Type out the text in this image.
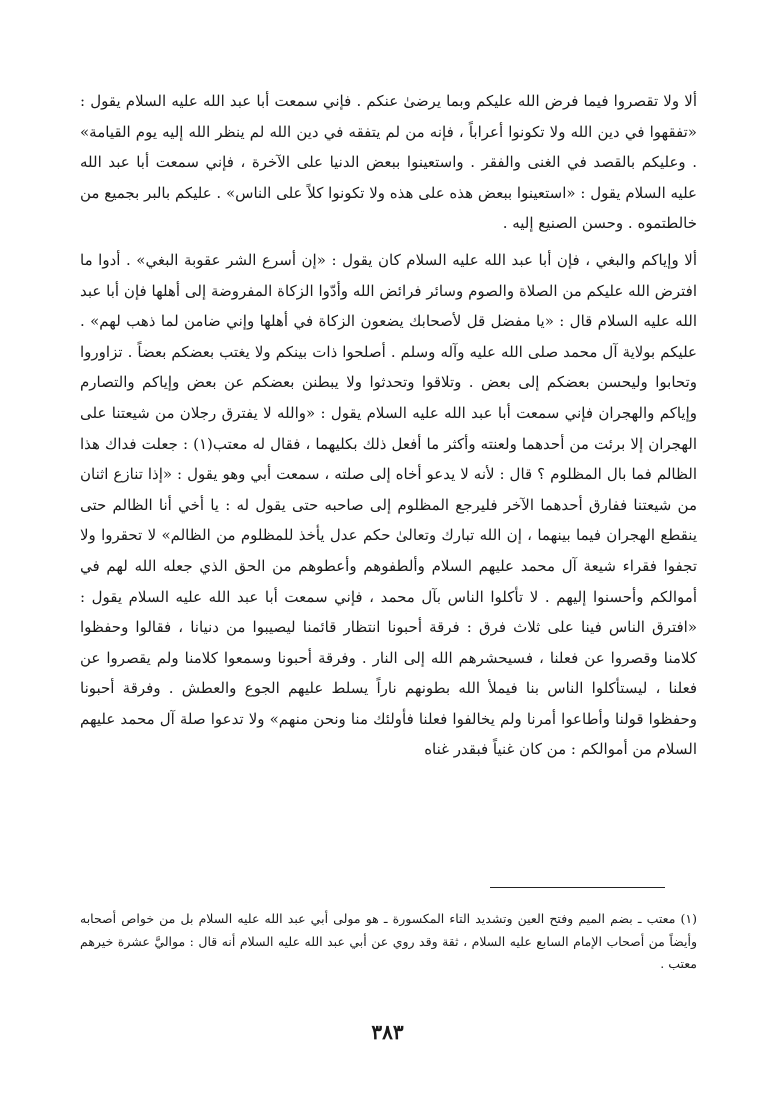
ألا ولا تقصروا فيما فرض الله عليكم وبما يرضىٰ عنكم . فإني سمعت أبا عبد الله عليه السلام يقول : «تفقهوا في دين الله ولا تكونوا أعراباً ، فإنه من لم يتفقه في دين الله لم ينظر الله إليه يوم القيامة» . وعليكم بالقصد في الغنى والفقر . واستعينوا ببعض الدنيا على الآخرة ، فإني سمعت أبا عبد الله عليه السلام يقول : «استعينوا ببعض هذه على هذه ولا تكونوا كلاً على الناس» . عليكم بالبر بجميع من خالطتموه . وحسن الصنيع إليه .

ألا وإياكم والبغي ، فإن أبا عبد الله عليه السلام كان يقول : «إن أسرع الشر عقوبة البغي» . أدوا ما افترض الله عليكم من الصلاة والصوم وسائر فرائض الله وأدّوا الزكاة المفروضة إلى أهلها فإن أبا عبد الله عليه السلام قال : «يا مفضل قل لأصحابك يضعون الزكاة في أهلها وإني ضامن لما ذهب لهم» . عليكم بولاية آل محمد صلى الله عليه وآله وسلم . أصلحوا ذات بينكم ولا يغتب بعضكم بعضاً . تزاوروا وتحابوا وليحسن بعضكم إلى بعض . وتلاقوا وتحدثوا ولا يبطنن بعضكم عن بعض وإياكم والتصارم وإياكم والهجران فإني سمعت أبا عبد الله عليه السلام يقول : «والله لا يفترق رجلان من شيعتنا على الهجران إلا برئت من أحدهما ولعنته وأكثر ما أفعل ذلك بكليهما ، فقال له معتب(١) : جعلت فداك هذا الظالم فما بال المظلوم ؟ قال : لأنه لا يدعو أخاه إلى صلته ، سمعت أبي وهو يقول : «إذا تنازع اثنان من شيعتنا ففارق أحدهما الآخر فليرجع المظلوم إلى صاحبه حتى يقول له : يا أخي أنا الظالم حتى ينقطع الهجران فيما بينهما ، إن الله تبارك وتعالىٰ حكم عدل يأخذ للمظلوم من الظالم» لا تحقروا ولا تجفوا فقراء شيعة آل محمد عليهم السلام وألطفوهم وأعطوهم من الحق الذي جعله الله لهم في أموالكم وأحسنوا إليهم . لا تأكلوا الناس بآل محمد ، فإني سمعت أبا عبد الله عليه السلام يقول : «افترق الناس فينا على ثلاث فرق : فرقة أحبونا انتظار قائمنا ليصيبوا من دنيانا ، فقالوا وحفظوا كلامنا وقصروا عن فعلنا ، فسيحشرهم الله إلى النار . وفرقة أحبونا وسمعوا كلامنا ولم يقصروا عن فعلنا ، ليستأكلوا الناس بنا فيملأ الله بطونهم ناراً يسلط عليهم الجوع والعطش . وفرقة أحبونا وحفظوا قولنا وأطاعوا أمرنا ولم يخالفوا فعلنا فأولئك منا ونحن منهم» ولا تدعوا صلة آل محمد عليهم السلام من أموالكم : من كان غنياً فبقدر غناه

(١) معتب ـ بضم الميم وفتح العين وتشديد التاء المكسورة ـ هو مولى أبي عبد الله عليه السلام بل من خواص أصحابه وأيضاً من أصحاب الإمام السابع عليه السلام ، ثقة وقد روي عن أبي عبد الله عليه السلام أنه قال : مواليَّ عشرة خيرهم معتب .

٣٨٣
